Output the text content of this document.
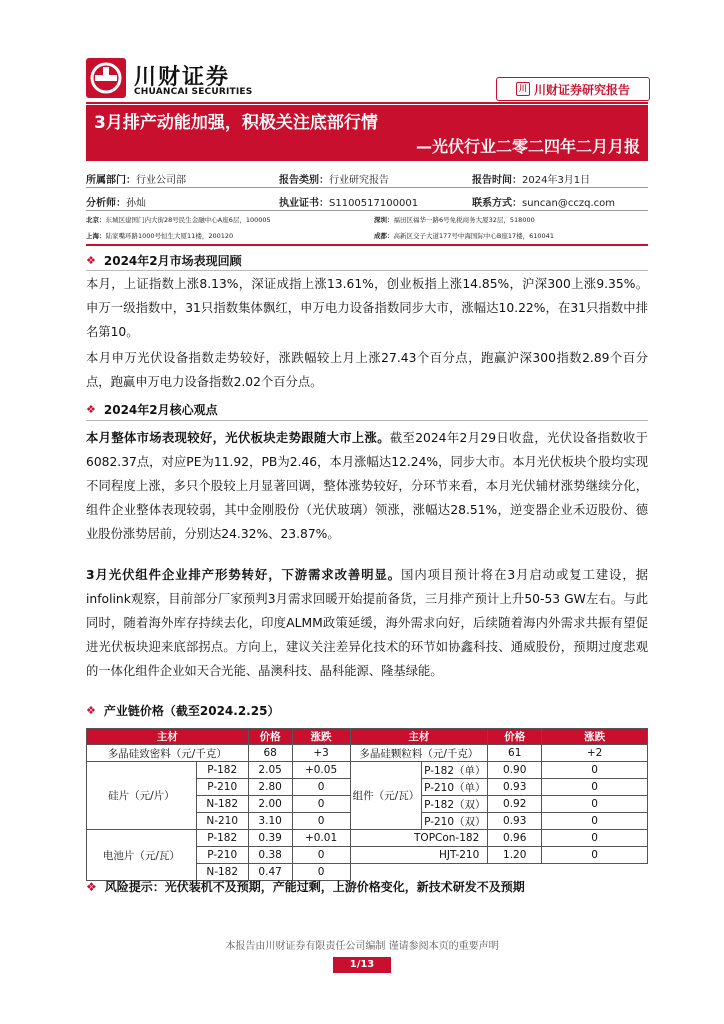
川财证券
CHUANCAI SECURITIES	川 川财证券研究报告
3月排产动能加强，积极关注底部行情
—光伏行业二零二四年二月月报
所属部门：行业公司部	报告类别：行业研究报告	报告时间：2024年3月1日
分析师：孙灿	执业证书：S1100517100001	联系方式：suncan@cczq.com
北京：东城区建国门内大街28号民生金融中心A座6层，100005	深圳：福田区福华一路6号免税商务大厦32层，518000
上海：陆家嘴环路1000号恒生大厦11楼，200120	成都：高新区交子大道177号中海国际中心B座17楼，610041
❖ 2024年2月市场表现回顾
本月，上证指数上涨8.13%，深证成指上涨13.61%，创业板指上涨14.85%，沪深300上涨9.35%。申万一级指数中，31只指数集体飘红，申万电力设备指数同步大市，涨幅达10.22%，在31只指数中排名第10。
本月申万光伏设备指数走势较好，涨跌幅较上月上涨27.43个百分点，跑赢沪深300指数2.89个百分点，跑赢申万电力设备指数2.02个百分点。
❖ 2024年2月核心观点
本月整体市场表现较好，光伏板块走势跟随大市上涨。截至2024年2月29日收盘，光伏设备指数收于6082.37点，对应PE为11.92，PB为2.46，本月涨幅达12.24%，同步大市。本月光伏板块个股均实现不同程度上涨，多只个股较上月显著回调，整体涨势较好，分环节来看，本月光伏辅材涨势继续分化，组件企业整体表现较弱，其中金刚股份（光伏玻璃）领涨，涨幅达28.51%，逆变器企业禾迈股份、德业股份涨势居前，分别达24.32%、23.87%。
3月光伏组件企业排产形势转好，下游需求改善明显。国内项目预计将在3月启动或复工建设，据infolink观察，目前部分厂家预判3月需求回暖开始提前备货，三月排产预计上升50-53 GW左右。与此同时，随着海外库存持续去化，印度ALMM政策延缓，海外需求向好，后续随着海内外需求共振有望促进光伏板块迎来底部拐点。方向上，建议关注差异化技术的环节如协鑫科技、通威股份，预期过度悲观的一体化组件企业如天合光能、晶澳科技、晶科能源、隆基绿能。
❖ 产业链价格（截至2024.2.25）
主材		价格	涨跌	主材		价格	涨跌
多晶硅致密料（元/千克）		68	+3	多晶硅颗粒料（元/千克）		61	+2
硅片（元/片）	P-182	2.05	+0.05	组件（元/瓦）	P-182（单）	0.90	0
	P-210	2.80	0		P-210（单）	0.93	0
	N-182	2.00	0		P-182（双）	0.92	0
	N-210	3.10	0		P-210（双）	0.93	0
电池片（元/瓦）	P-182	0.39	+0.01	TOPCon-182		0.96	0
	P-210	0.38	0	HJT-210		1.20	0
	N-182	0.47	0				
❖ 风险提示：光伏装机不及预期，产能过剩，上游价格变化，新技术研发不及预期
本报告由川财证券有限责任公司编制 谨请参阅本页的重要声明
1/13
